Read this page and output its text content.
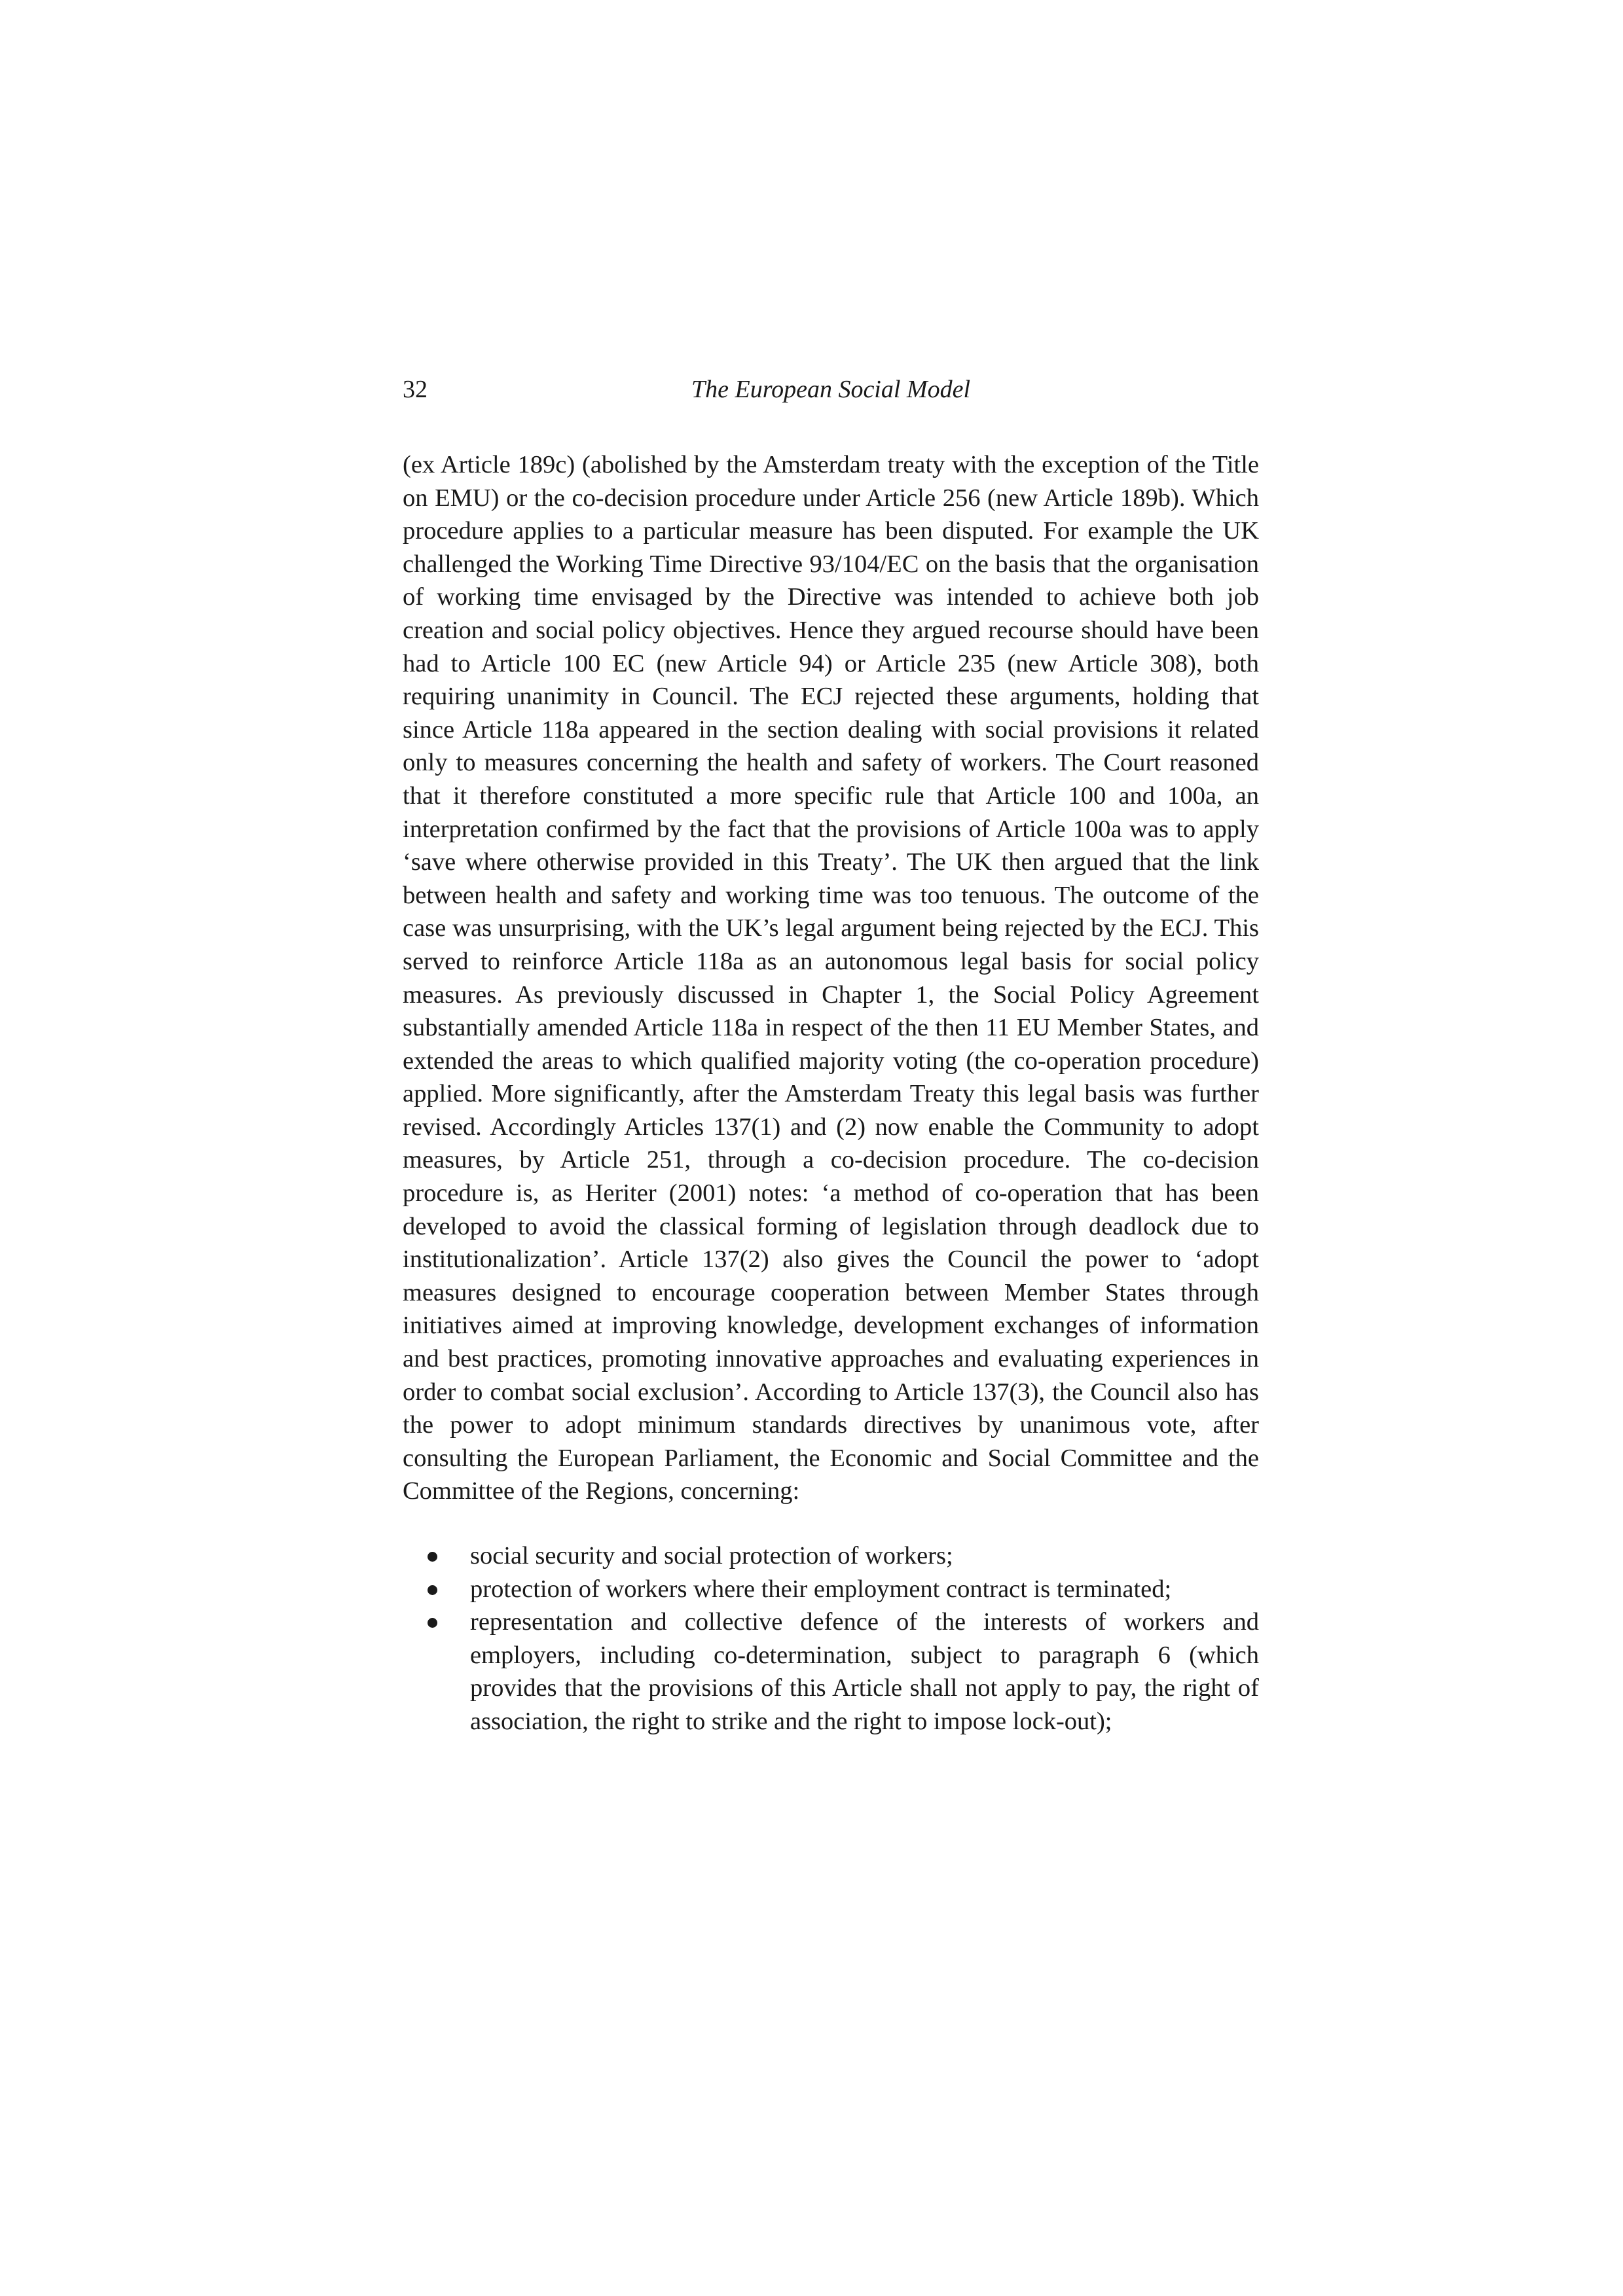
32	The European Social Model

(ex Article 189c) (abolished by the Amsterdam treaty with the exception of the Title on EMU) or the co-decision procedure under Article 256 (new Article 189b). Which procedure applies to a particular measure has been disputed. For example the UK challenged the Working Time Directive 93/104/EC on the basis that the organisation of working time envisaged by the Directive was intended to achieve both job creation and social policy objectives. Hence they argued recourse should have been had to Article 100 EC (new Article 94) or Article 235 (new Article 308), both requiring unanimity in Council. The ECJ rejected these arguments, holding that since Article 118a appeared in the section dealing with social provisions it related only to measures concerning the health and safety of workers. The Court reasoned that it therefore constituted a more specific rule that Article 100 and 100a, an interpretation confirmed by the fact that the provisions of Article 100a was to apply ‘save where otherwise provided in this Treaty’. The UK then argued that the link between health and safety and working time was too tenuous. The outcome of the case was unsurprising, with the UK’s legal argument being rejected by the ECJ. This served to reinforce Article 118a as an autonomous legal basis for social policy measures. As previously discussed in Chapter 1, the Social Policy Agreement substantially amended Article 118a in respect of the then 11 EU Member States, and extended the areas to which qualified majority voting (the co-operation procedure) applied. More significantly, after the Amsterdam Treaty this legal basis was further revised. Accordingly Articles 137(1) and (2) now enable the Community to adopt measures, by Article 251, through a co-decision procedure. The co-decision procedure is, as Heriter (2001) notes: ‘a method of co-operation that has been developed to avoid the classical forming of legislation through deadlock due to institutionalization’. Article 137(2) also gives the Council the power to ‘adopt measures designed to encourage cooperation between Member States through initiatives aimed at improving knowledge, development exchanges of information and best practices, promoting innovative approaches and evaluating experiences in order to combat social exclusion’. According to Article 137(3), the Council also has the power to adopt minimum standards directives by unanimous vote, after consulting the European Parliament, the Economic and Social Committee and the Committee of the Regions, concerning:

social security and social protection of workers;
protection of workers where their employment contract is terminated;
representation and collective defence of the interests of workers and employers, including co-determination, subject to paragraph 6 (which provides that the provisions of this Article shall not apply to pay, the right of association, the right to strike and the right to impose lock-out);
